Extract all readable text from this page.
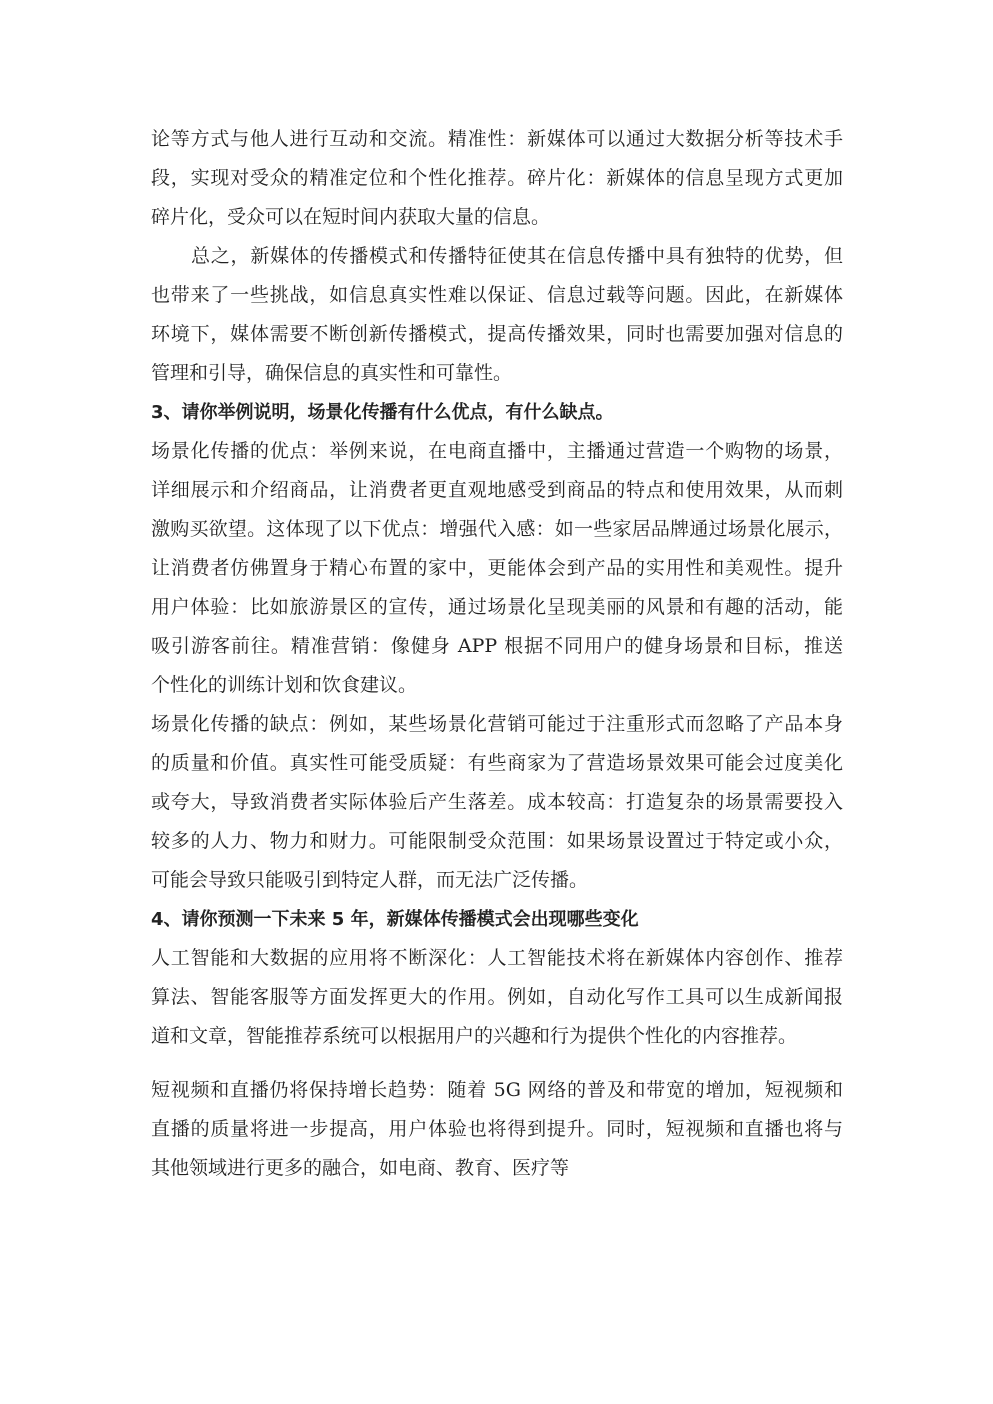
论等方式与他人进行互动和交流。精准性：新媒体可以通过大数据分析等技术手
段，实现对受众的精准定位和个性化推荐。碎片化：新媒体的信息呈现方式更加
碎片化，受众可以在短时间内获取大量的信息。
总之，新媒体的传播模式和传播特征使其在信息传播中具有独特的优势，但
也带来了一些挑战，如信息真实性难以保证、信息过载等问题。因此，在新媒体
环境下，媒体需要不断创新传播模式，提高传播效果，同时也需要加强对信息的
管理和引导，确保信息的真实性和可靠性。
3、请你举例说明，场景化传播有什么优点，有什么缺点。
场景化传播的优点：举例来说，在电商直播中，主播通过营造一个购物的场景，
详细展示和介绍商品，让消费者更直观地感受到商品的特点和使用效果，从而刺
激购买欲望。这体现了以下优点：增强代入感：如一些家居品牌通过场景化展示，
让消费者仿佛置身于精心布置的家中，更能体会到产品的实用性和美观性。提升
用户体验：比如旅游景区的宣传，通过场景化呈现美丽的风景和有趣的活动，能
吸引游客前往。精准营销：像健身 APP 根据不同用户的健身场景和目标，推送
个性化的训练计划和饮食建议。
场景化传播的缺点：例如，某些场景化营销可能过于注重形式而忽略了产品本身
的质量和价值。真实性可能受质疑：有些商家为了营造场景效果可能会过度美化
或夸大，导致消费者实际体验后产生落差。成本较高：打造复杂的场景需要投入
较多的人力、物力和财力。可能限制受众范围：如果场景设置过于特定或小众，
可能会导致只能吸引到特定人群，而无法广泛传播。
4、请你预测一下未来 5 年，新媒体传播模式会出现哪些变化
人工智能和大数据的应用将不断深化：人工智能技术将在新媒体内容创作、推荐
算法、智能客服等方面发挥更大的作用。例如，自动化写作工具可以生成新闻报
道和文章，智能推荐系统可以根据用户的兴趣和行为提供个性化的内容推荐。
短视频和直播仍将保持增长趋势：随着 5G 网络的普及和带宽的增加，短视频和
直播的质量将进一步提高，用户体验也将得到提升。同时，短视频和直播也将与
其他领域进行更多的融合，如电商、教育、医疗等
